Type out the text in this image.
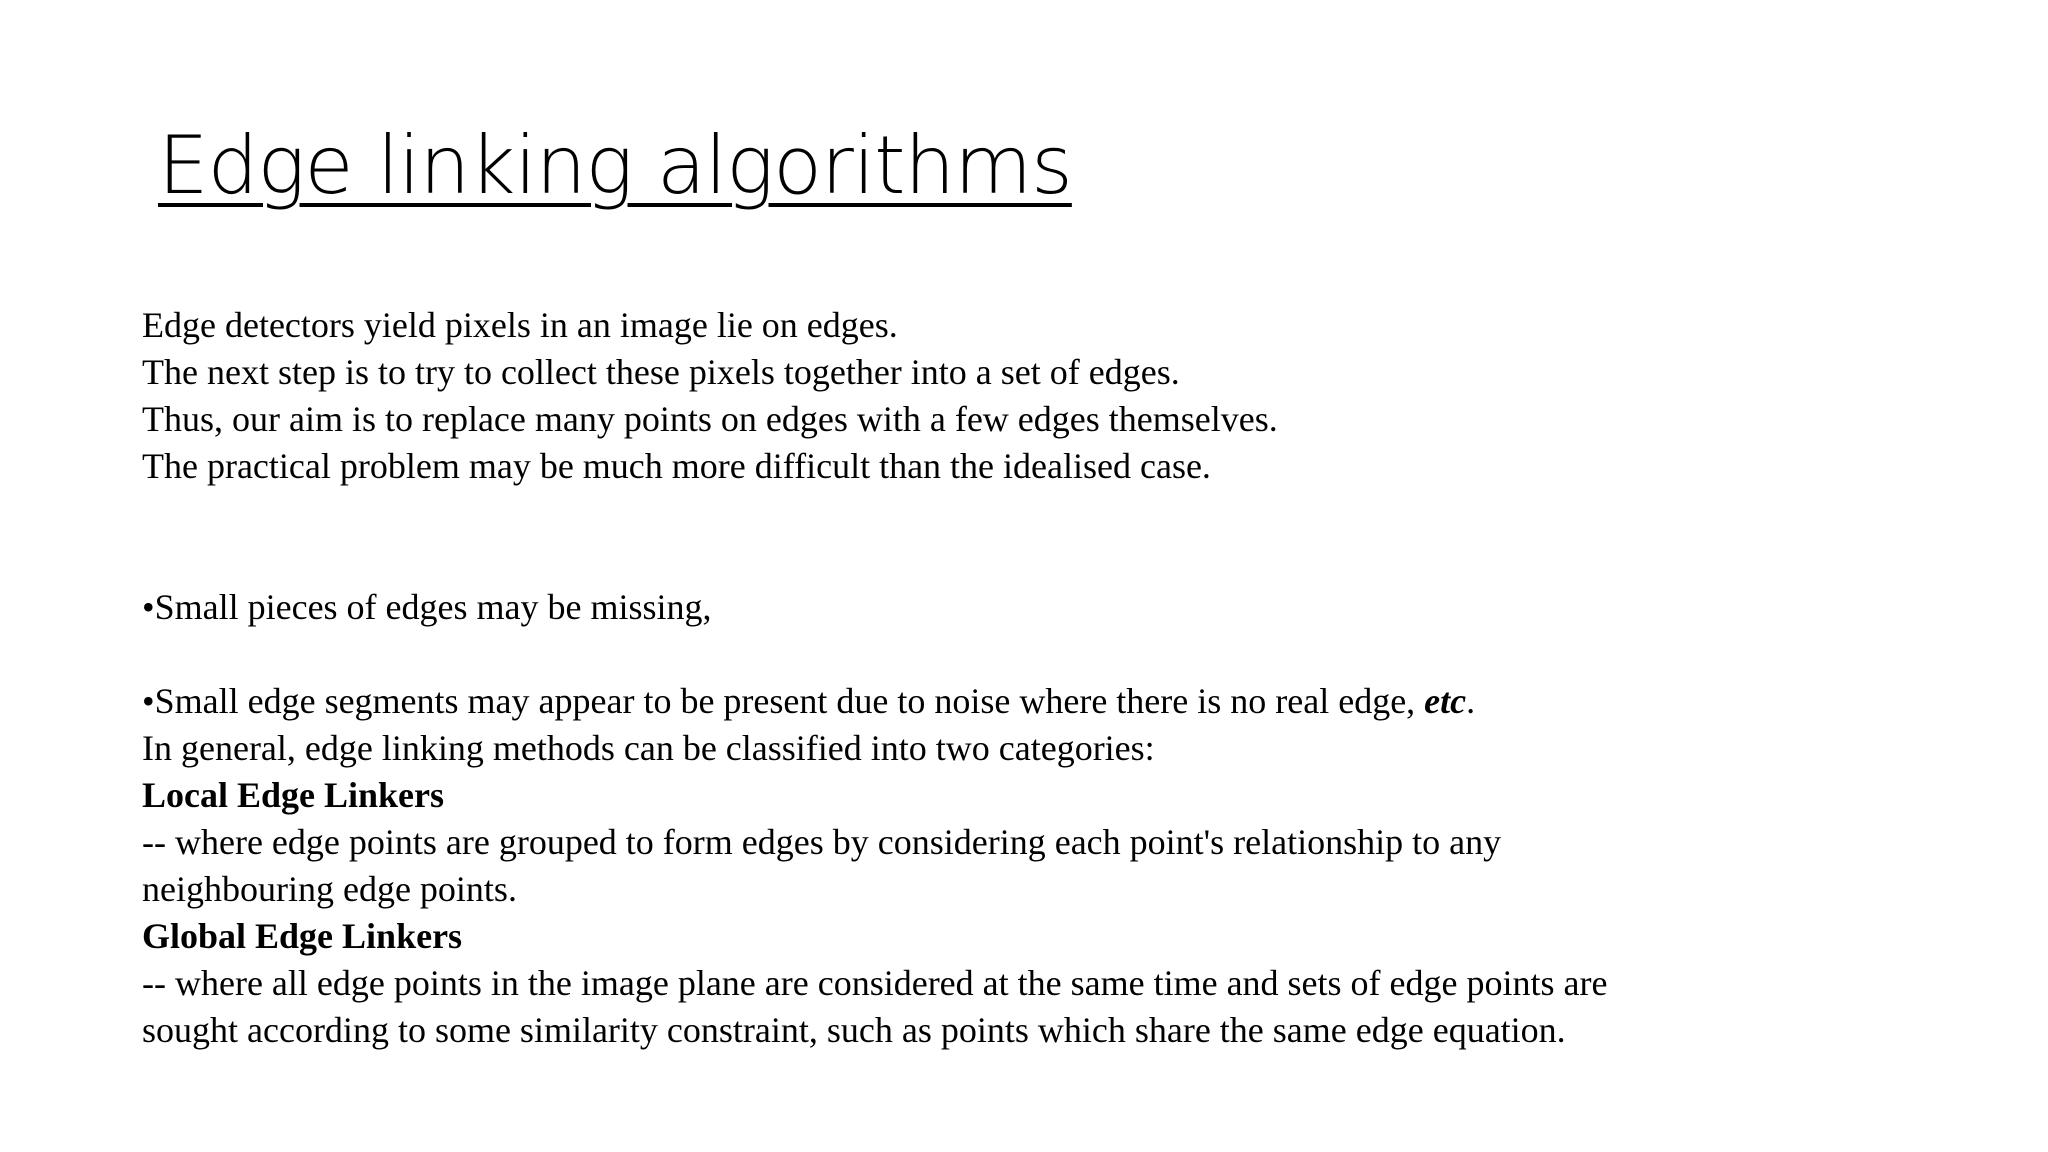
Edge linking algorithms
Edge detectors yield pixels in an image lie on edges.
The next step is to try to collect these pixels together into a set of edges.
Thus, our aim is to replace many points on edges with a few edges themselves.
The practical problem may be much more difficult than the idealised case.
•Small pieces of edges may be missing,
•Small edge segments may appear to be present due to noise where there is no real edge, etc.
In general, edge linking methods can be classified into two categories:
Local Edge Linkers
-- where edge points are grouped to form edges by considering each point's relationship to any
neighbouring edge points.
Global Edge Linkers
-- where all edge points in the image plane are considered at the same time and sets of edge points are
sought according to some similarity constraint, such as points which share the same edge equation.
